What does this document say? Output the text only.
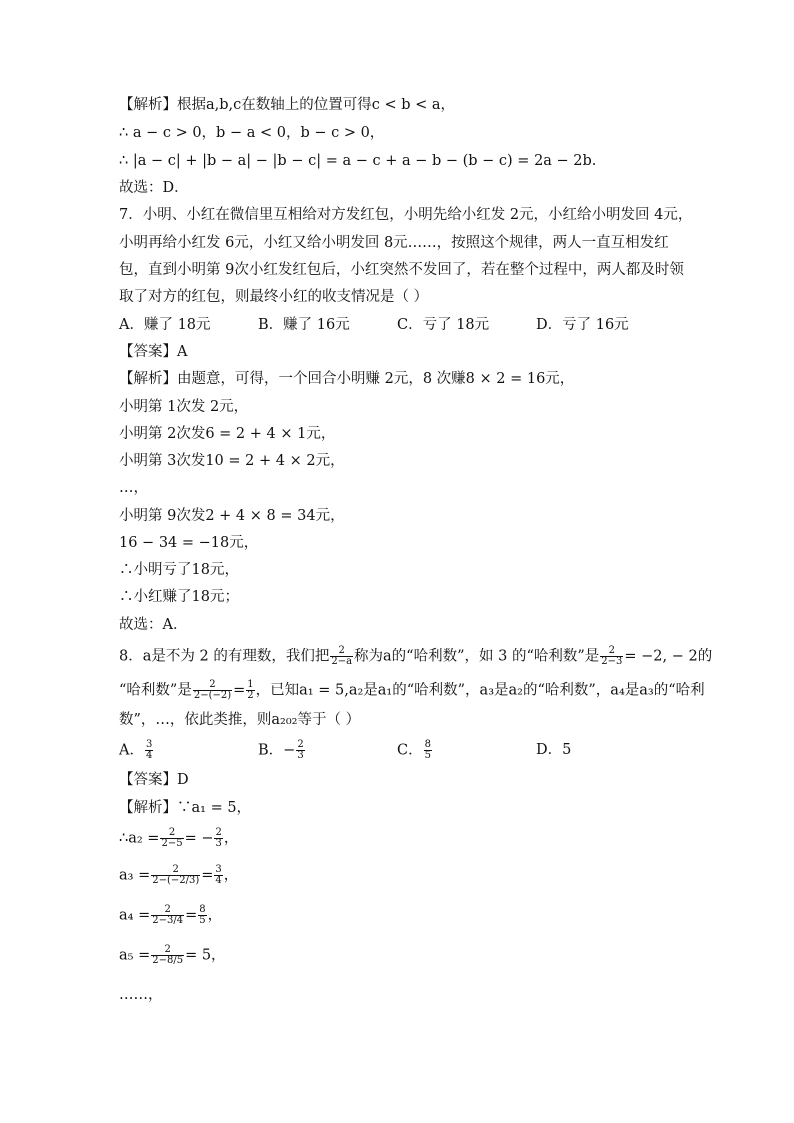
【解析】根据a,b,c在数轴上的位置可得c < b < a，
∴ a − c > 0，b − a < 0，b − c > 0，
∴ |a − c| + |b − a| − |b − c| = a − c + a − b − (b − c) = 2a − 2b.
故选：D．
7．小明、小红在微信里互相给对方发红包，小明先给小红发 2元，小红给小明发回 4元，
小明再给小红发 6元，小红又给小明发回 8元……，按照这个规律，两人一直互相发红
包，直到小明第 9次小红发红包后，小红突然不发回了，若在整个过程中，两人都及时领
取了对方的红包，则最终小红的收支情况是（ ）
A．赚了 18元	B．赚了 16元	C．亏了 18元	D．亏了 16元
【答案】A
【解析】由题意，可得，一个回合小明赚 2元，8 次赚8 × 2 = 16元，
小明第 1次发 2元，
小明第 2次发6 = 2 + 4 × 1元，
小明第 3次发10 = 2 + 4 × 2元，
…，
小明第 9次发2 + 4 × 8 = 34元，
16 − 34 = −18元，
∴小明亏了18元，
∴小红赚了18元；
故选：A．
8．a是不为 2 的有理数，我们把 $\frac{2}{2-a}$ 称为a的“哈利数”，如 3 的“哈利数”是 $\frac{2}{2-3} = -2$, − 2的
“哈利数”是 $\frac{2}{2-(-2)} = \frac{1}{2}$ ，已知a₁ = 5,a₂是a₁的“哈利数”，a₃是a₂的“哈利数”，a₄是a₃的“哈利
数”，…，依此类推，则a₂₀₂等于（ ）
A． $\frac{3}{4}$	B．− $\frac{2}{3}$	C． $\frac{8}{5}$	D．5
【答案】D
【解析】∵a₁ = 5，
∴a₂ = $\frac{2}{2-5}$ = − $\frac{2}{3}$ ，
$a_3 = \frac{2}{2-(-2/3)} = \frac{3}{4}$ ，
$a_4 = \frac{2}{2-3/4} = \frac{8}{5}$ ，
$a_5 = \frac{2}{2-8/5} = 5$，
……，
